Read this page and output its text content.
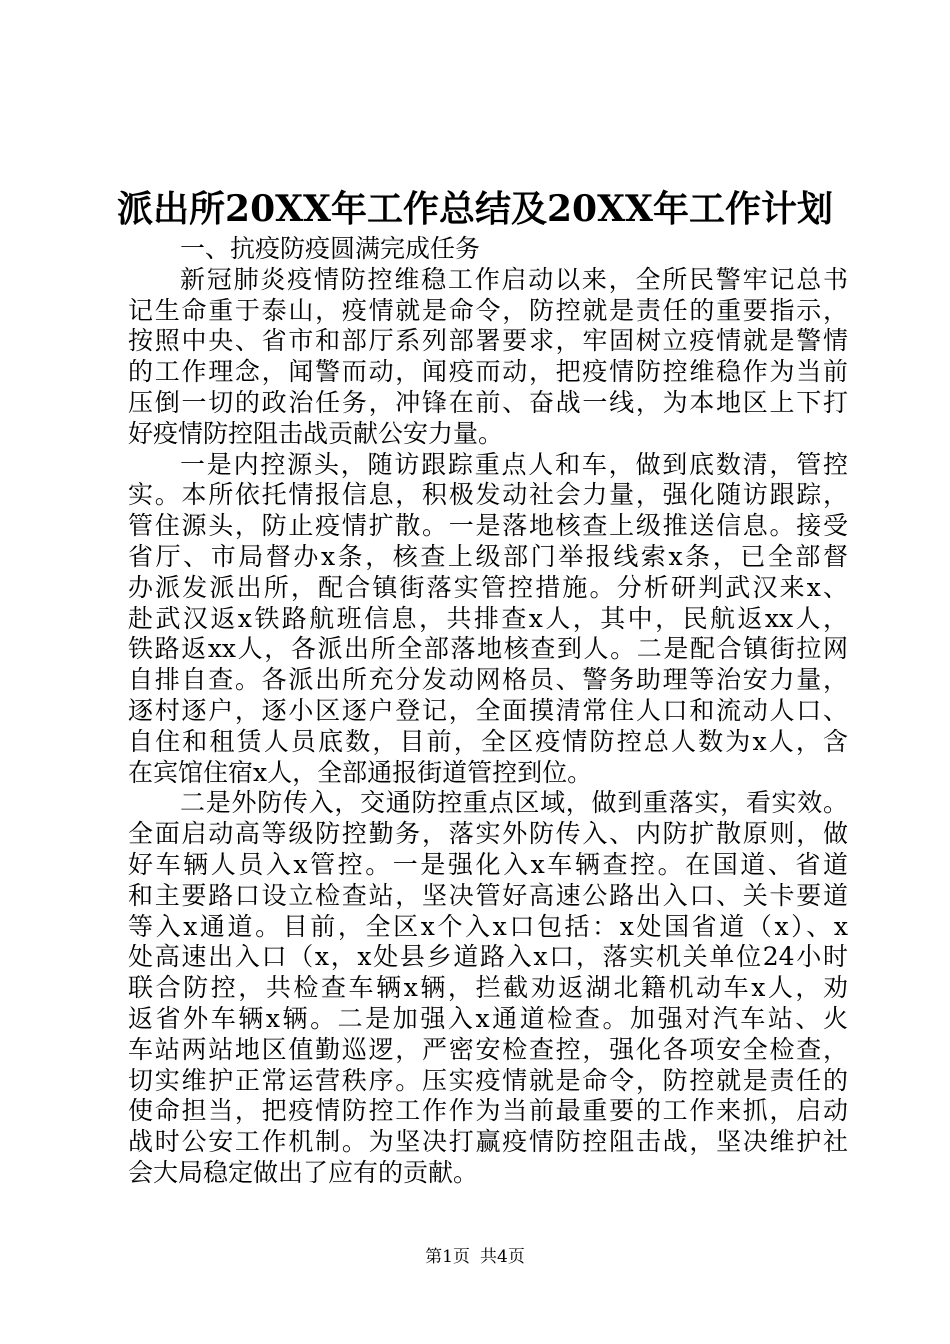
派出所20XX年工作总结及20XX年工作计划
一、抗疫防疫圆满完成任务
新冠肺炎疫情防控维稳工作启动以来，全所民警牢记总书
记生命重于泰山，疫情就是命令，防控就是责任的重要指示，
按照中央、省市和部厅系列部署要求，牢固树立疫情就是警情
的工作理念，闻警而动，闻疫而动，把疫情防控维稳作为当前
压倒一切的政治任务，冲锋在前、奋战一线，为本地区上下打
好疫情防控阻击战贡献公安力量。
一是内控源头，随访跟踪重点人和车，做到底数清，管控
实。本所依托情报信息，积极发动社会力量，强化随访跟踪，
管住源头，防止疫情扩散。一是落地核查上级推送信息。接受
省厅、市局督办x条，核查上级部门举报线索x条，已全部督
办派发派出所，配合镇街落实管控措施。分析研判武汉来x、
赴武汉返x铁路航班信息，共排查x人，其中，民航返xx人，
铁路返xx人，各派出所全部落地核查到人。二是配合镇街拉网
自排自查。各派出所充分发动网格员、警务助理等治安力量，
逐村逐户，逐小区逐户登记，全面摸清常住人口和流动人口、
自住和租赁人员底数，目前，全区疫情防控总人数为x人，含
在宾馆住宿x人，全部通报街道管控到位。
二是外防传入，交通防控重点区域，做到重落实，看实效。
全面启动高等级防控勤务，落实外防传入、内防扩散原则，做
好车辆人员入x管控。一是强化入x车辆查控。在国道、省道
和主要路口设立检查站，坚决管好高速公路出入口、关卡要道
等入x通道。目前，全区x个入x口包括：x处国省道（x）、x
处高速出入口（x，x处县乡道路入x口，落实机关单位24小时
联合防控，共检查车辆x辆，拦截劝返湖北籍机动车x人，劝
返省外车辆x辆。二是加强入x通道检查。加强对汽车站、火
车站两站地区值勤巡逻，严密安检查控，强化各项安全检查，
切实维护正常运营秩序。压实疫情就是命令，防控就是责任的
使命担当，把疫情防控工作作为当前最重要的工作来抓，启动
战时公安工作机制。为坚决打赢疫情防控阻击战，坚决维护社
会大局稳定做出了应有的贡献。
第1页 共4页
